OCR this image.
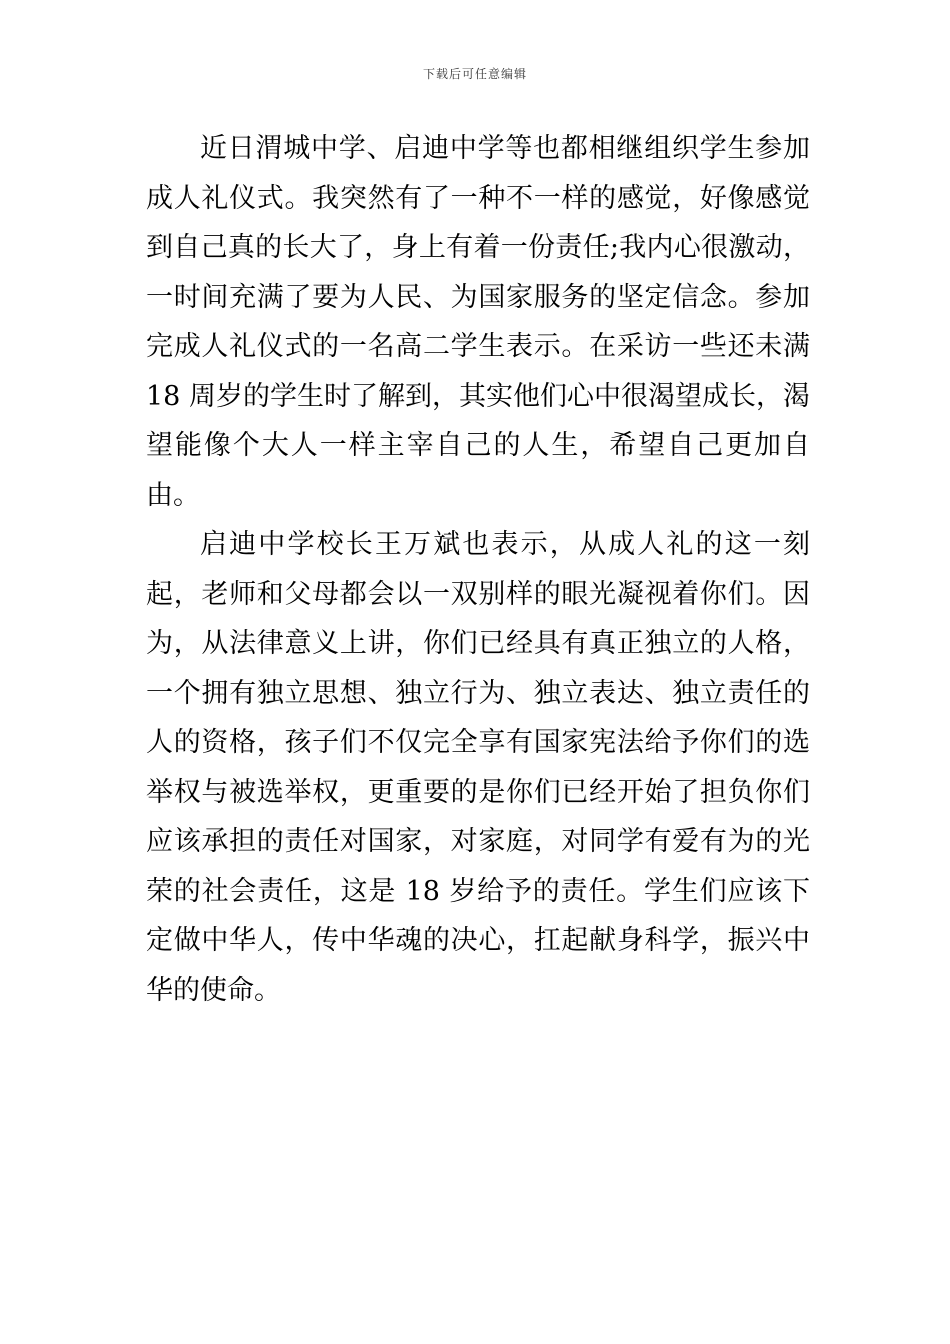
下载后可任意编辑

近日渭城中学、启迪中学等也都相继组织学生参加成人礼仪式。我突然有了一种不一样的感觉，好像感觉到自己真的长大了，身上有着一份责任;我内心很激动，一时间充满了要为人民、为国家服务的坚定信念。参加完成人礼仪式的一名高二学生表示。在采访一些还未满 18 周岁的学生时了解到，其实他们心中很渴望成长，渴望能像个大人一样主宰自己的人生，希望自己更加自由。

启迪中学校长王万斌也表示，从成人礼的这一刻起，老师和父母都会以一双别样的眼光凝视着你们。因为，从法律意义上讲，你们已经具有真正独立的人格，一个拥有独立思想、独立行为、独立表达、独立责任的人的资格，孩子们不仅完全享有国家宪法给予你们的选举权与被选举权，更重要的是你们已经开始了担负你们应该承担的责任对国家，对家庭，对同学有爱有为的光荣的社会责任，这是 18 岁给予的责任。学生们应该下定做中华人，传中华魂的决心，扛起献身科学，振兴中华的使命。
